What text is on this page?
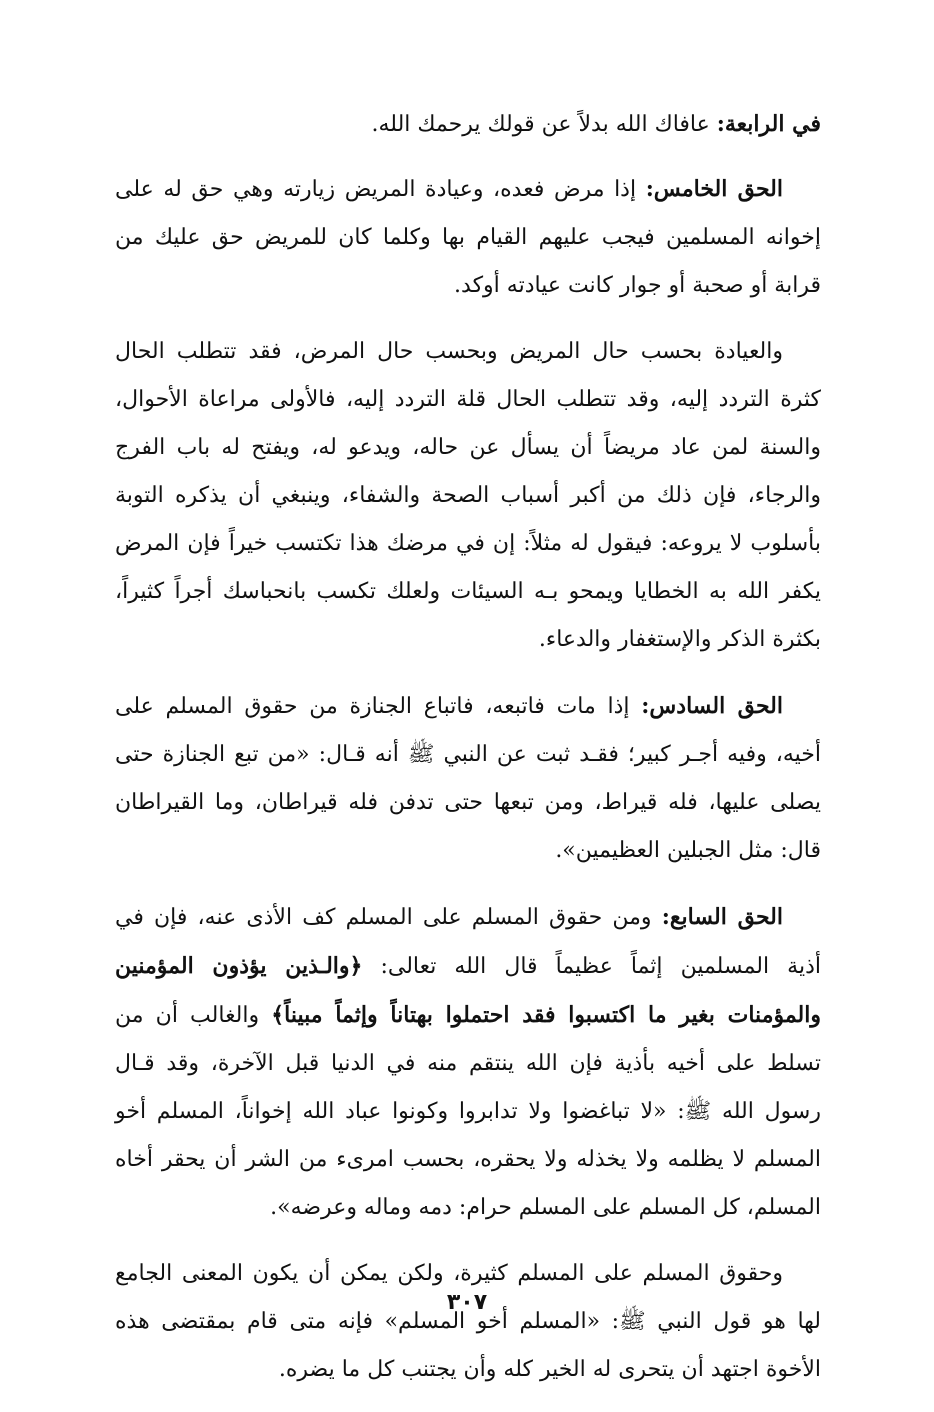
في الرابعة: عافاك الله بدلاً عن قولك يرحمك الله.

الحق الخامس: إذا مرض فعده، وعيادة المريض زيارته وهي حق له على إخوانه المسلمين فيجب عليهم القيام بها وكلما كان للمريض حق عليك من قرابة أو صحبة أو جوار كانت عيادته أوكد.

والعيادة بحسب حال المريض وبحسب حال المرض، فقد تتطلب الحال كثرة التردد إليه، وقد تتطلب الحال قلة التردد إليه، فالأولى مراعاة الأحوال، والسنة لمن عاد مريضاً أن يسأل عن حاله، ويدعو له، ويفتح له باب الفرج والرجاء، فإن ذلك من أكبر أسباب الصحة والشفاء، وينبغي أن يذكره التوبة بأسلوب لا يروعه: فيقول له مثلاً: إن في مرضك هذا تكتسب خيراً فإن المرض يكفر الله به الخطايا ويمحو بـه السيئات ولعلك تكسب بانحباسك أجراً كثيراً، بكثرة الذكر والإستغفار والدعاء.

الحق السادس: إذا مات فاتبعه، فاتباع الجنازة من حقوق المسلم على أخيه، وفيه أجـر كبير؛ فقـد ثبت عن النبي ﷺ أنه قـال: «من تبع الجنازة حتى يصلى عليها، فله قيراط، ومن تبعها حتى تدفن فله قيراطان، وما القيراطان قال: مثل الجبلين العظيمين».

الحق السابع: ومن حقوق المسلم على المسلم كف الأذى عنه، فإن في أذية المسلمين إثماً عظيماً قال الله تعالى: ﴿والـذين يؤذون المؤمنين والمؤمنات بغير ما اكتسبوا فقد احتملوا بهتاناً وإثماً مبيناً﴾ والغالب أن من تسلط على أخيه بأذية فإن الله ينتقم منه في الدنيا قبل الآخرة، وقد قـال رسول الله ﷺ: «لا تباغضوا ولا تدابروا وكونوا عباد الله إخواناً، المسلم أخو المسلم لا يظلمه ولا يخذله ولا يحقره، بحسب امرىء من الشر أن يحقر أخاه المسلم، كل المسلم على المسلم حرام: دمه وماله وعرضه».

وحقوق المسلم على المسلم كثيرة، ولكن يمكن أن يكون المعنى الجامع لها هو قول النبي ﷺ: «المسلم أخو المسلم» فإنه متى قام بمقتضى هذه الأخوة اجتهد أن يتحرى له الخير كله وأن يجتنب كل ما يضره.

٣٠٧
